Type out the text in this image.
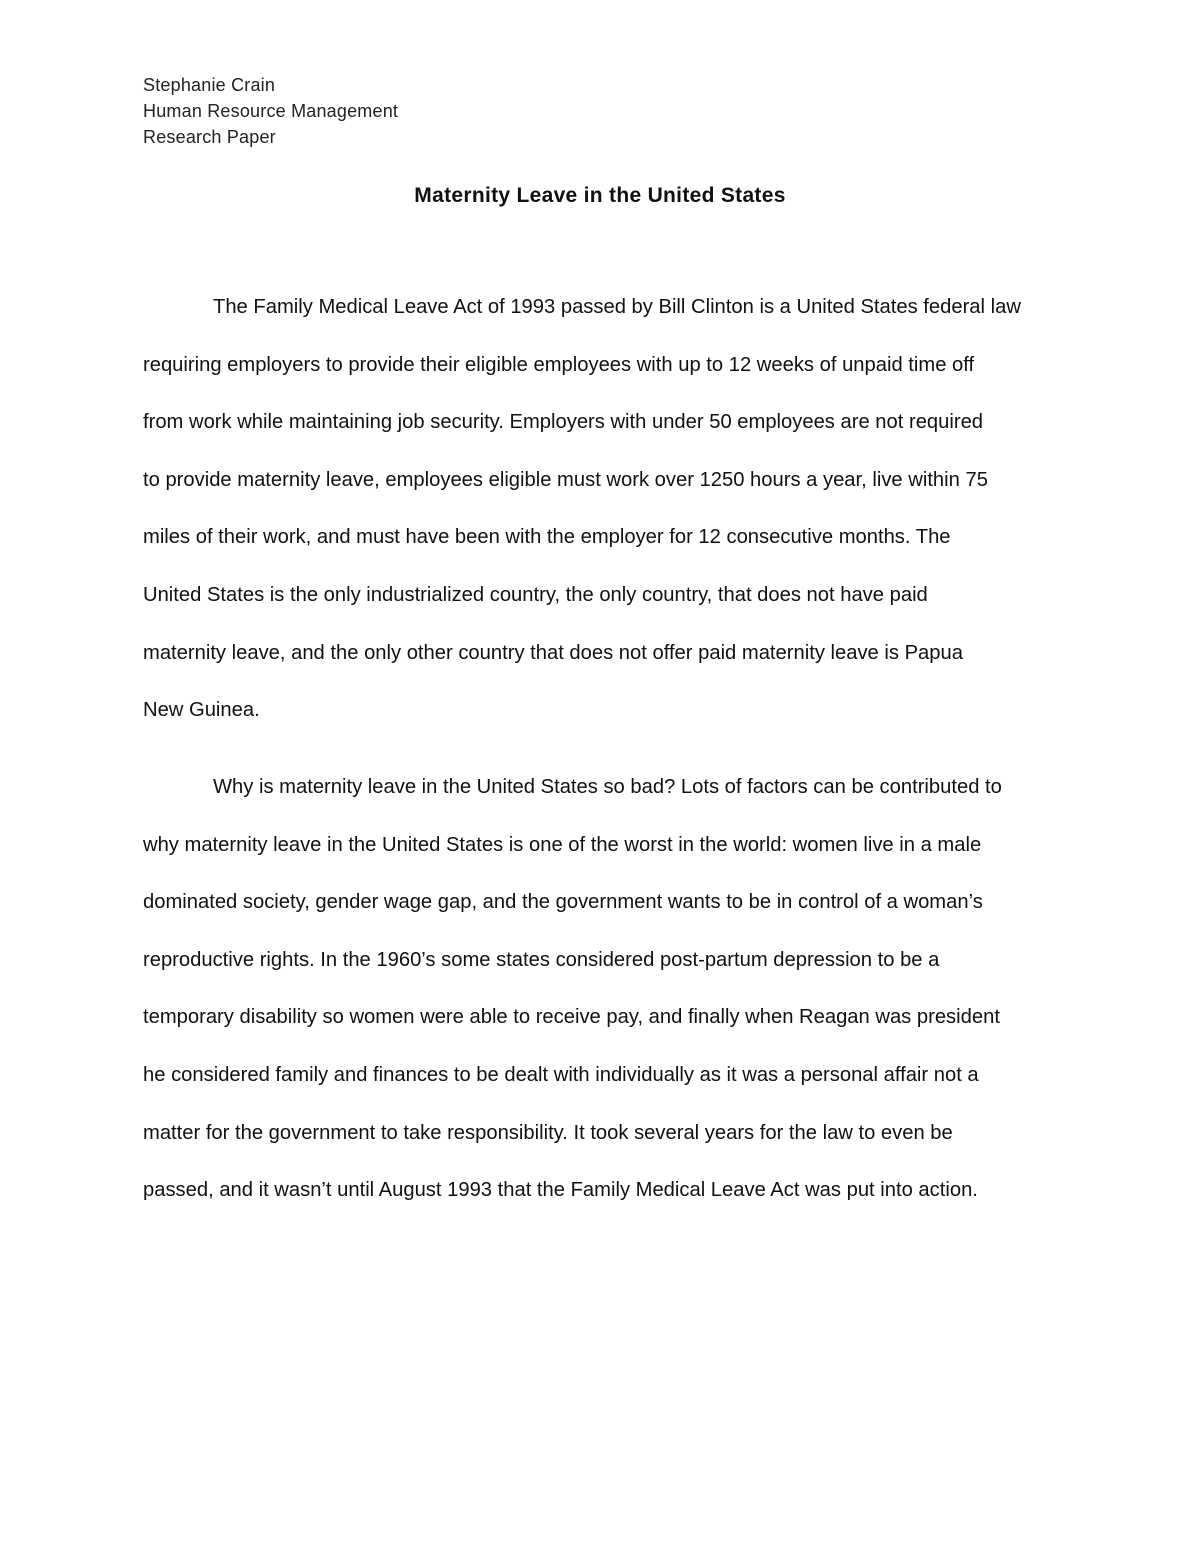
Stephanie Crain
Human Resource Management
Research Paper
Maternity Leave in the United States

The Family Medical Leave Act of 1993 passed by Bill Clinton is a United States federal law
requiring employers to provide their eligible employees with up to 12 weeks of unpaid time off
from work while maintaining job security. Employers with under 50 employees are not required
to provide maternity leave, employees eligible must work over 1250 hours a year, live within 75
miles of their work, and must have been with the employer for 12 consecutive months. The
United States is the only industrialized country, the only country, that does not have paid
maternity leave, and the only other country that does not offer paid maternity leave is Papua
New Guinea.

Why is maternity leave in the United States so bad? Lots of factors can be contributed to
why maternity leave in the United States is one of the worst in the world: women live in a male
dominated society, gender wage gap, and the government wants to be in control of a woman’s
reproductive rights. In the 1960’s some states considered post-partum depression to be a
temporary disability so women were able to receive pay, and finally when Reagan was president
he considered family and finances to be dealt with individually as it was a personal affair not a
matter for the government to take responsibility. It took several years for the law to even be
passed, and it wasn’t until August 1993 that the Family Medical Leave Act was put into action.
